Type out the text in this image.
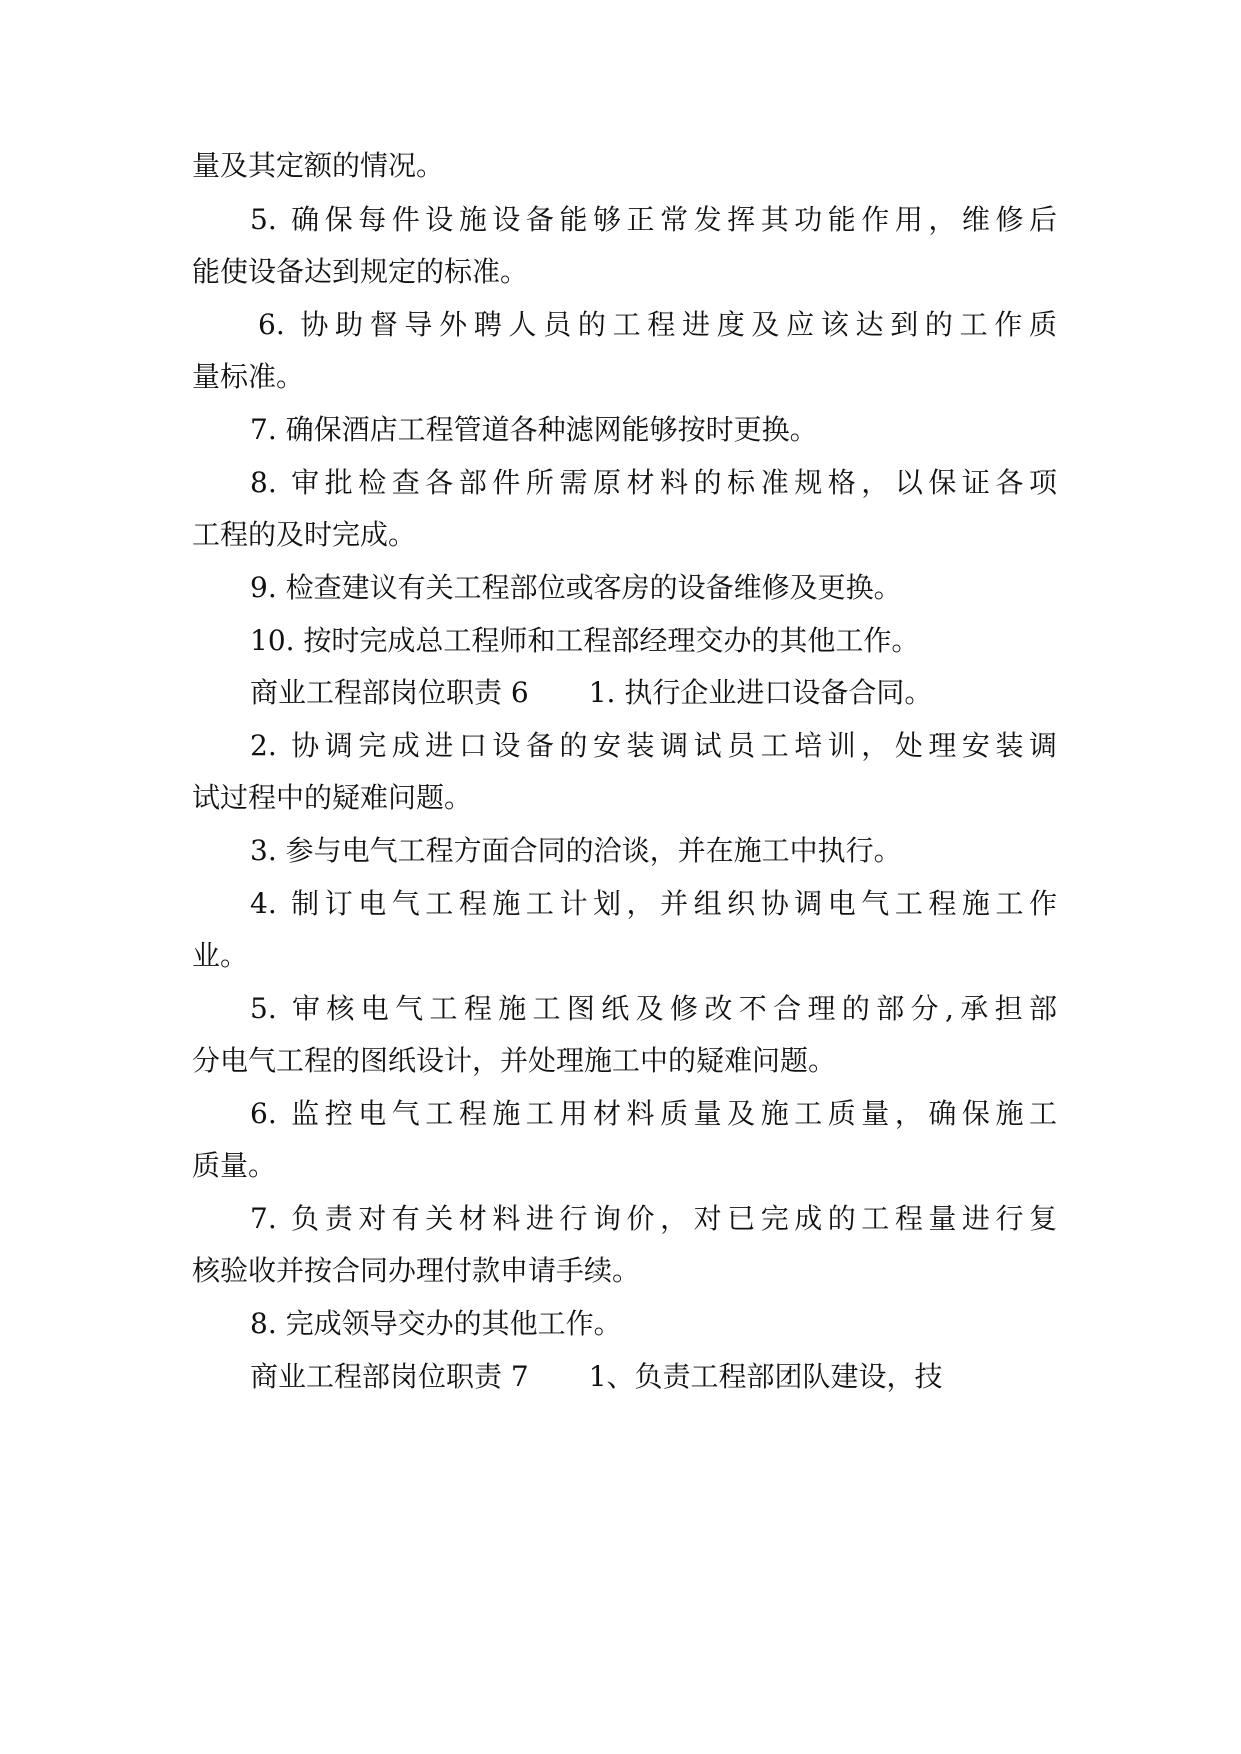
量及其定额的情况。

5. 确保每件设施设备能够正常发挥其功能作用，维修后

能使设备达到规定的标准。

6. 协助督导外聘人员的工程进度及应该达到的工作质

量标准。

7. 确保酒店工程管道各种滤网能够按时更换。

8. 审批检查各部件所需原材料的标准规格，以保证各项

工程的及时完成。

9. 检查建议有关工程部位或客房的设备维修及更换。

10. 按时完成总工程师和工程部经理交办的其他工作。

商业工程部岗位职责 6 1. 执行企业进口设备合同。

2. 协调完成进口设备的安装调试员工培训，处理安装调

试过程中的疑难问题。

3. 参与电气工程方面合同的洽谈，并在施工中执行。

4. 制订电气工程施工计划，并组织协调电气工程施工作

业。

5. 审核电气工程施工图纸及修改不合理的部分,承担部

分电气工程的图纸设计，并处理施工中的疑难问题。

6. 监控电气工程施工用材料质量及施工质量，确保施工

质量。

7. 负责对有关材料进行询价，对已完成的工程量进行复

核验收并按合同办理付款申请手续。

8. 完成领导交办的其他工作。

商业工程部岗位职责 7 1、负责工程部团队建设，技
